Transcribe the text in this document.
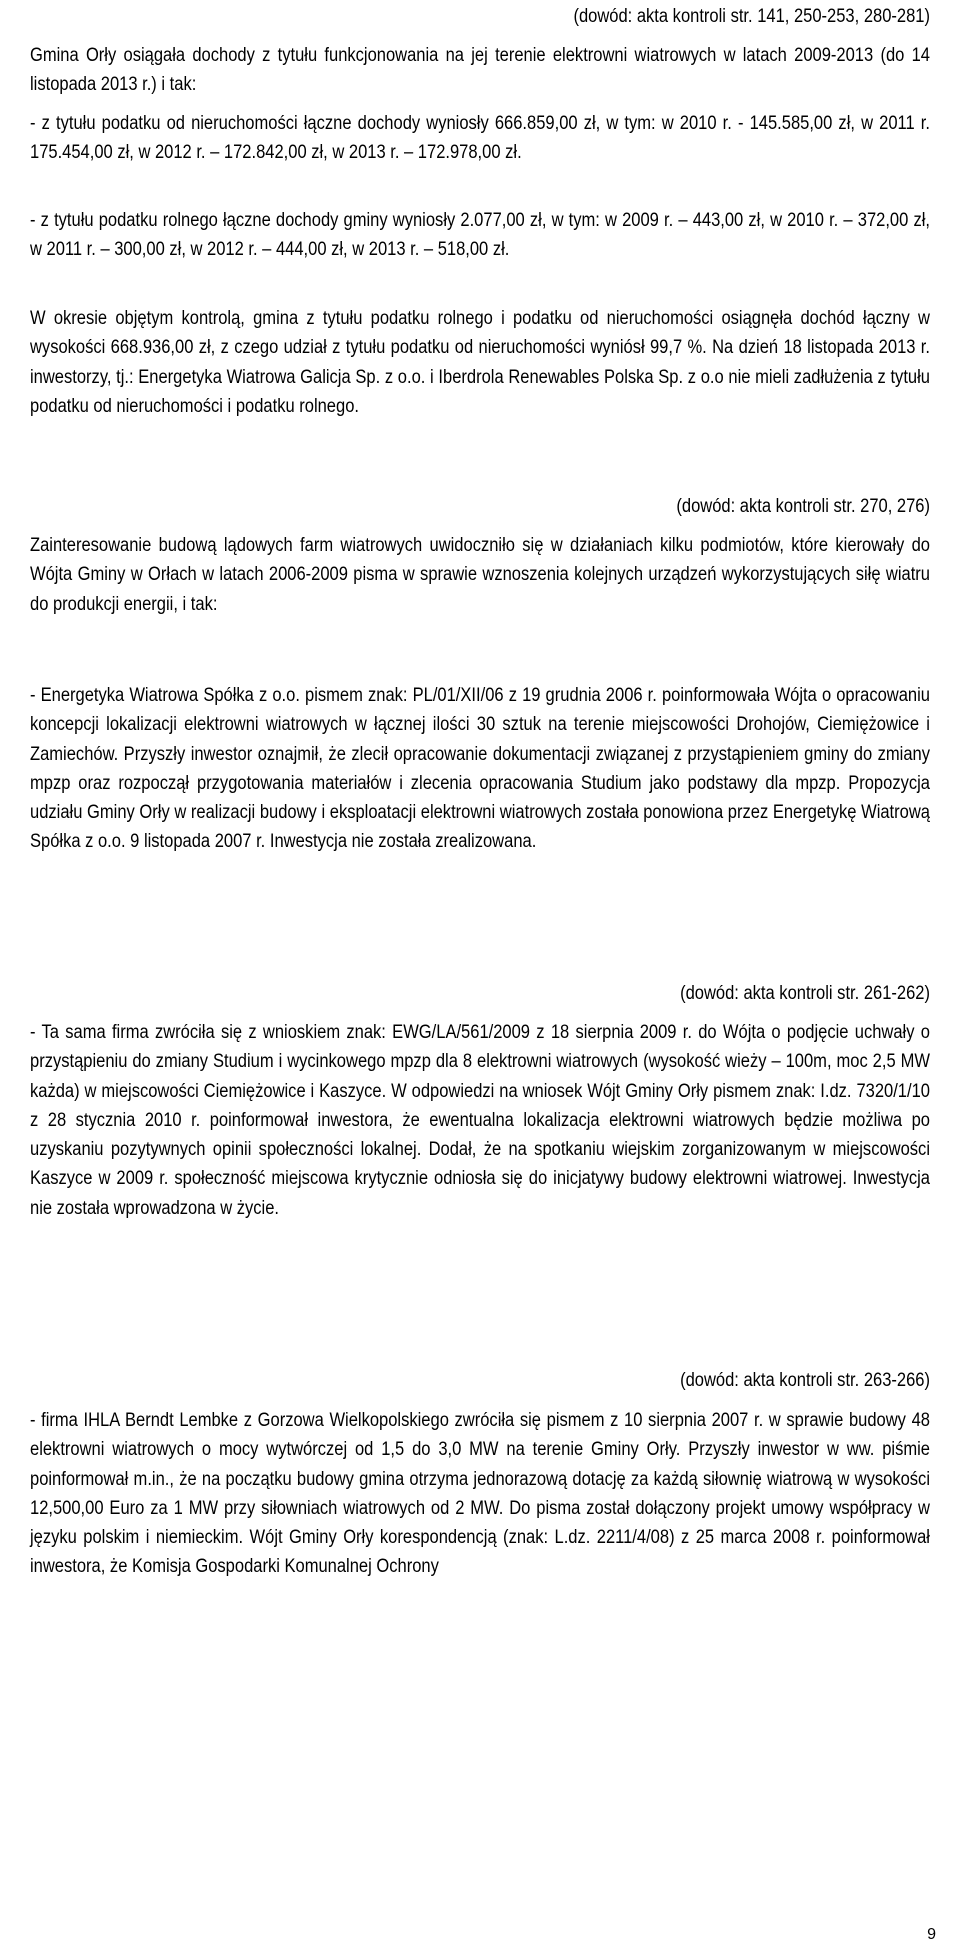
(dowód: akta kontroli str. 141, 250-253, 280-281)

Gmina Orły osiągała dochody z tytułu funkcjonowania na jej terenie elektrowni wiatrowych w latach 2009-2013 (do 14 listopada 2013 r.) i tak:

- z tytułu podatku od nieruchomości łączne dochody wyniosły 666.859,00 zł, w tym: w 2010 r. - 145.585,00 zł, w 2011 r. 175.454,00 zł, w 2012 r. – 172.842,00 zł, w 2013 r. – 172.978,00 zł.

- z tytułu podatku rolnego łączne dochody gminy wyniosły 2.077,00 zł, w tym: w 2009 r. – 443,00 zł, w 2010 r. – 372,00 zł, w 2011 r. – 300,00 zł, w 2012 r. – 444,00 zł, w 2013 r. – 518,00 zł.

W okresie objętym kontrolą, gmina z tytułu podatku rolnego i podatku od nieruchomości osiągnęła dochód łączny w wysokości 668.936,00 zł, z czego udział z tytułu podatku od nieruchomości wyniósł 99,7 %. Na dzień 18 listopada 2013 r. inwestorzy, tj.: Energetyka Wiatrowa Galicja Sp. z o.o. i Iberdrola Renewables Polska Sp. z o.o nie mieli zadłużenia z tytułu podatku od nieruchomości i podatku rolnego.

(dowód: akta kontroli str. 270, 276)

Zainteresowanie budową lądowych farm wiatrowych uwidoczniło się w działaniach kilku podmiotów, które kierowały do Wójta Gminy w Orłach w latach 2006-2009 pisma w sprawie wznoszenia kolejnych urządzeń wykorzystujących siłę wiatru do produkcji energii, i tak:

- Energetyka Wiatrowa Spółka z o.o. pismem znak: PL/01/XII/06 z 19 grudnia 2006 r. poinformowała Wójta o opracowaniu koncepcji lokalizacji elektrowni wiatrowych w łącznej ilości 30 sztuk na terenie miejscowości Drohojów, Ciemiężowice i Zamiechów. Przyszły inwestor oznajmił, że zlecił opracowanie dokumentacji związanej z przystąpieniem gminy do zmiany mpzp oraz rozpoczął przygotowania materiałów i zlecenia opracowania Studium jako podstawy dla mpzp. Propozycja udziału Gminy Orły w realizacji budowy i eksploatacji elektrowni wiatrowych została ponowiona przez Energetykę Wiatrową Spółka z o.o. 9 listopada 2007 r. Inwestycja nie została zrealizowana.

(dowód: akta kontroli str. 261-262)

- Ta sama firma zwróciła się z wnioskiem znak: EWG/LA/561/2009 z 18 sierpnia 2009 r. do Wójta o podjęcie uchwały o przystąpieniu do zmiany Studium i wycinkowego mpzp dla 8 elektrowni wiatrowych (wysokość wieży – 100m, moc 2,5 MW każda) w miejscowości Ciemiężowice i Kaszyce. W odpowiedzi na wniosek Wójt Gminy Orły pismem znak: I.dz. 7320/1/10 z 28 stycznia 2010 r. poinformował inwestora, że ewentualna lokalizacja elektrowni wiatrowych będzie możliwa po uzyskaniu pozytywnych opinii społeczności lokalnej. Dodał, że na spotkaniu wiejskim zorganizowanym w miejscowości Kaszyce w 2009 r. społeczność miejscowa krytycznie odniosła się do inicjatywy budowy elektrowni wiatrowej. Inwestycja nie została wprowadzona w życie.

(dowód: akta kontroli str. 263-266)

- firma IHLA Berndt Lembke z Gorzowa Wielkopolskiego zwróciła się pismem z 10 sierpnia 2007 r. w sprawie budowy 48 elektrowni wiatrowych o mocy wytwórczej od 1,5 do 3,0 MW na terenie Gminy Orły. Przyszły inwestor w ww. piśmie poinformował m.in., że na początku budowy gmina otrzyma jednorazową dotację za każdą siłownię wiatrową w wysokości 12,500,00 Euro za 1 MW przy siłowniach wiatrowych od 2 MW. Do pisma został dołączony projekt umowy współpracy w języku polskim i niemieckim. Wójt Gminy Orły korespondencją (znak: L.dz. 2211/4/08) z 25 marca 2008 r. poinformował inwestora, że Komisja Gospodarki Komunalnej Ochrony

9
